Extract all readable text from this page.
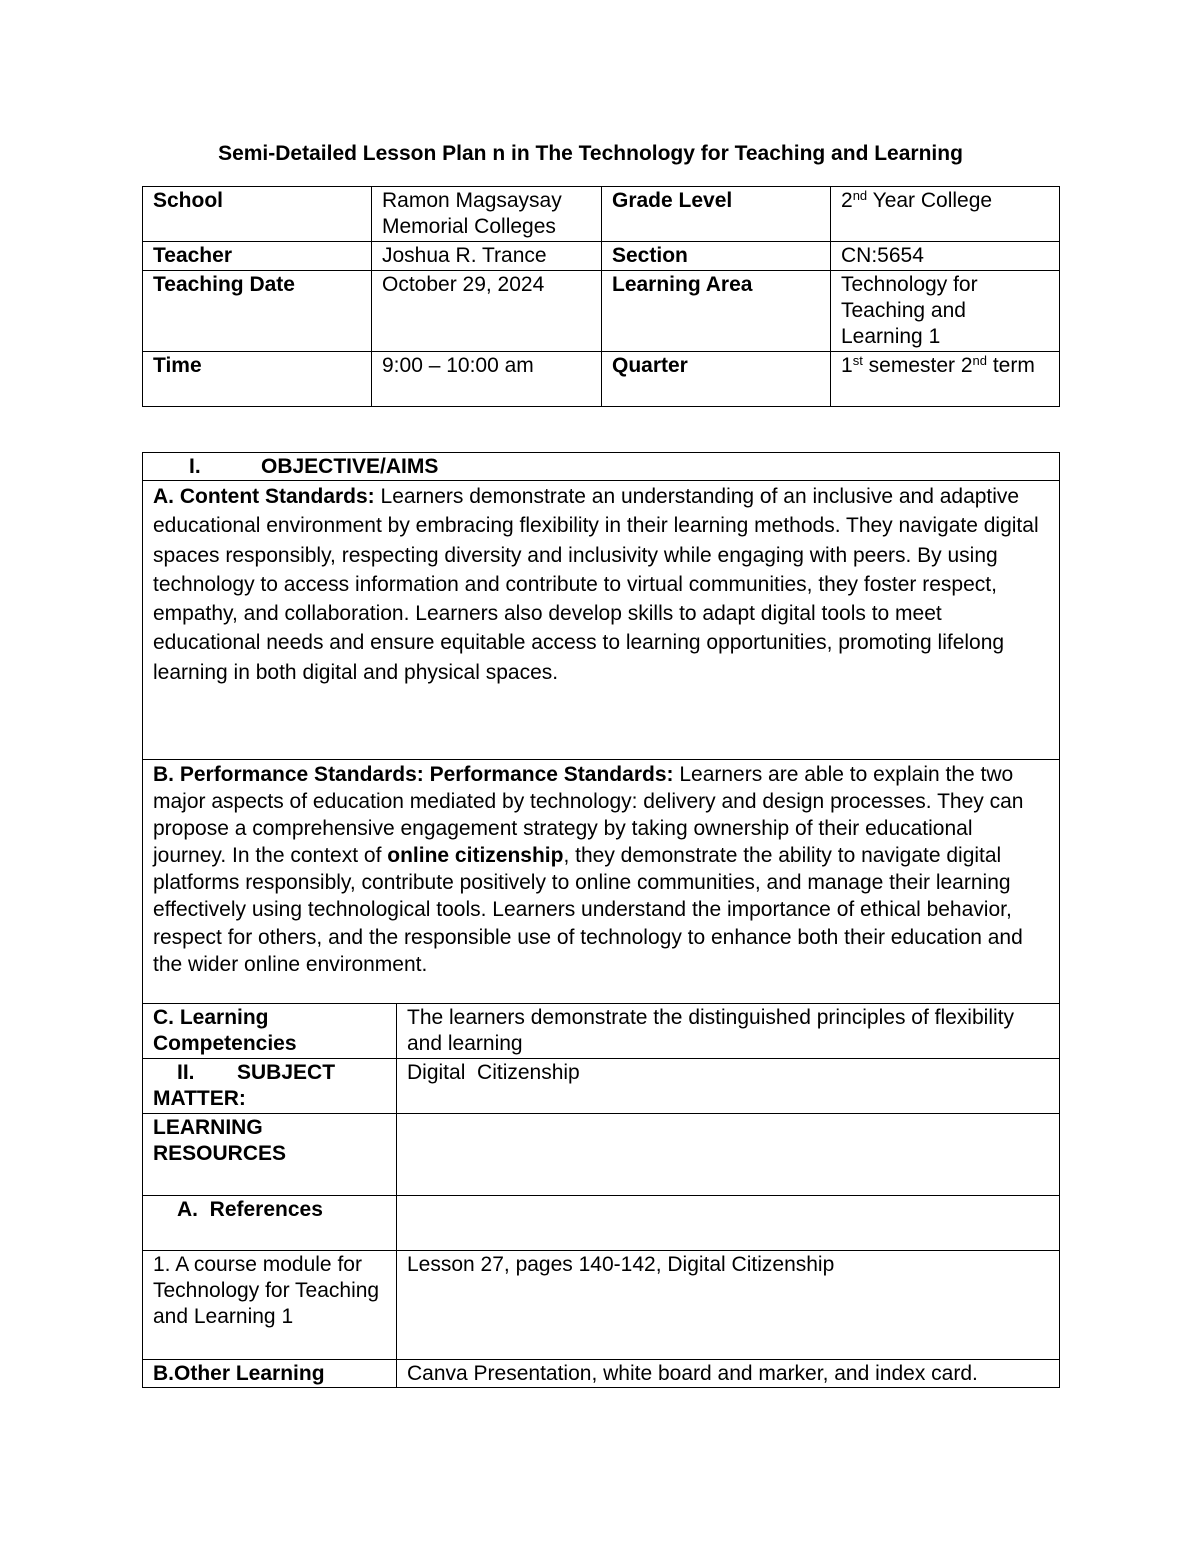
Semi-Detailed Lesson Plan n in The Technology for Teaching and Learning
School	Ramon Magsaysay Memorial Colleges	Grade Level	2nd Year College
Teacher	Joshua R. Trance	Section	CN:5654
Teaching Date	October 29, 2024	Learning Area	Technology for Teaching and Learning 1
Time	9:00 – 10:00 am	Quarter	1st semester 2nd term
I. OBJECTIVE/AIMS	
A. Content Standards: Learners demonstrate an understanding of an inclusive and adaptive educational environment by embracing flexibility in their learning methods. They navigate digital spaces responsibly, respecting diversity and inclusivity while engaging with peers. By using technology to access information and contribute to virtual communities, they foster respect, empathy, and collaboration. Learners also develop skills to adapt digital tools to meet educational needs and ensure equitable access to learning opportunities, promoting lifelong learning in both digital and physical spaces.	
B. Performance Standards: Performance Standards: Learners are able to explain the two major aspects of education mediated by technology: delivery and design processes. They can propose a comprehensive engagement strategy by taking ownership of their educational journey. In the context of online citizenship, they demonstrate the ability to navigate digital platforms responsibly, contribute positively to online communities, and manage their learning effectively using technological tools. Learners understand the importance of ethical behavior, respect for others, and the responsible use of technology to enhance both their education and the wider online environment.	
C. Learning Competencies	The learners demonstrate the distinguished principles of flexibility and learning
II. SUBJECT
MATTER:	Digital  Citizenship
LEARNING RESOURCES	
A.  References	
1. A course module for Technology for Teaching and Learning 1	Lesson 27, pages 140-142, Digital Citizenship
B.Other Learning	Canva Presentation, white board and marker, and index card.
